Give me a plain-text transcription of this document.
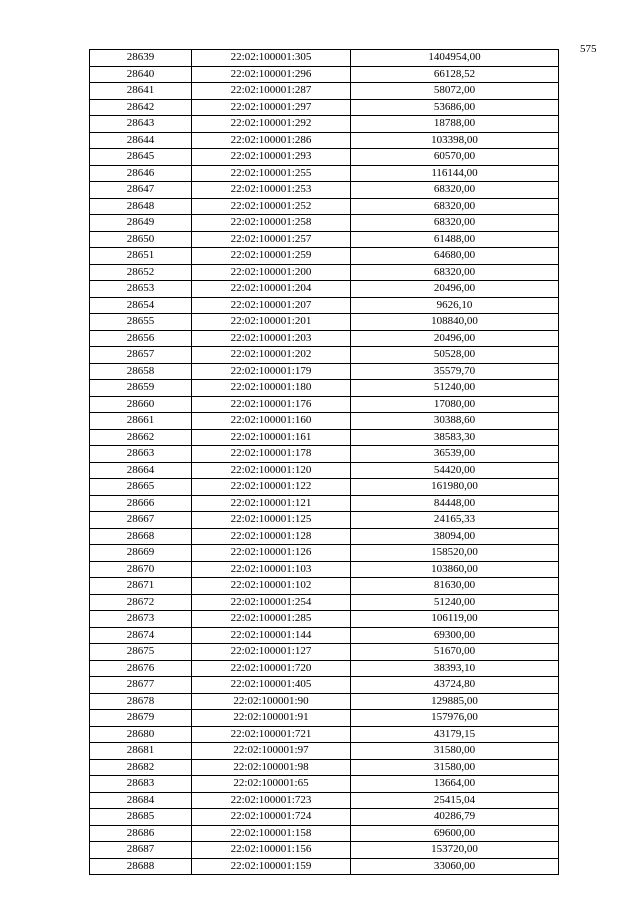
575
28639	22:02:100001:305	1404954,00
28640	22:02:100001:296	66128,52
28641	22:02:100001:287	58072,00
28642	22:02:100001:297	53686,00
28643	22:02:100001:292	18788,00
28644	22:02:100001:286	103398,00
28645	22:02:100001:293	60570,00
28646	22:02:100001:255	116144,00
28647	22:02:100001:253	68320,00
28648	22:02:100001:252	68320,00
28649	22:02:100001:258	68320,00
28650	22:02:100001:257	61488,00
28651	22:02:100001:259	64680,00
28652	22:02:100001:200	68320,00
28653	22:02:100001:204	20496,00
28654	22:02:100001:207	9626,10
28655	22:02:100001:201	108840,00
28656	22:02:100001:203	20496,00
28657	22:02:100001:202	50528,00
28658	22:02:100001:179	35579,70
28659	22:02:100001:180	51240,00
28660	22:02:100001:176	17080,00
28661	22:02:100001:160	30388,60
28662	22:02:100001:161	38583,30
28663	22:02:100001:178	36539,00
28664	22:02:100001:120	54420,00
28665	22:02:100001:122	161980,00
28666	22:02:100001:121	84448,00
28667	22:02:100001:125	24165,33
28668	22:02:100001:128	38094,00
28669	22:02:100001:126	158520,00
28670	22:02:100001:103	103860,00
28671	22:02:100001:102	81630,00
28672	22:02:100001:254	51240,00
28673	22:02:100001:285	106119,00
28674	22:02:100001:144	69300,00
28675	22:02:100001:127	51670,00
28676	22:02:100001:720	38393,10
28677	22:02:100001:405	43724,80
28678	22:02:100001:90	129885,00
28679	22:02:100001:91	157976,00
28680	22:02:100001:721	43179,15
28681	22:02:100001:97	31580,00
28682	22:02:100001:98	31580,00
28683	22:02:100001:65	13664,00
28684	22:02:100001:723	25415,04
28685	22:02:100001:724	40286,79
28686	22:02:100001:158	69600,00
28687	22:02:100001:156	153720,00
28688	22:02:100001:159	33060,00
